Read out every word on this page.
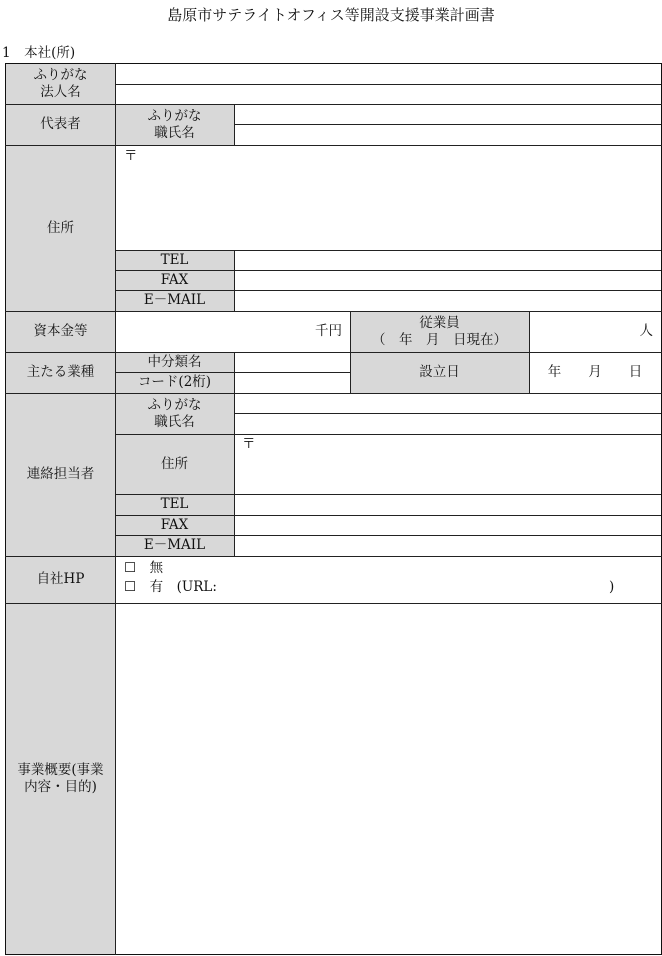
島原市サテライトオフィス等開設支援事業計画書
1　本社(所)
ふりがな
法人名
代表者
ふりがな
職氏名
住所
TEL
FAX
E－MAIL
資本金等
従業員
（　年　月　日現在）
主たる業種
中分類名
コード(2桁)
設立日
連絡担当者
ふりがな
職氏名
住所
TEL
FAX
E－MAIL
自社HP
事業概要(事業
内容・目的)
〒
千円	人
年　　月　　日
〒
☐　無
☐　有　(URL:	)
